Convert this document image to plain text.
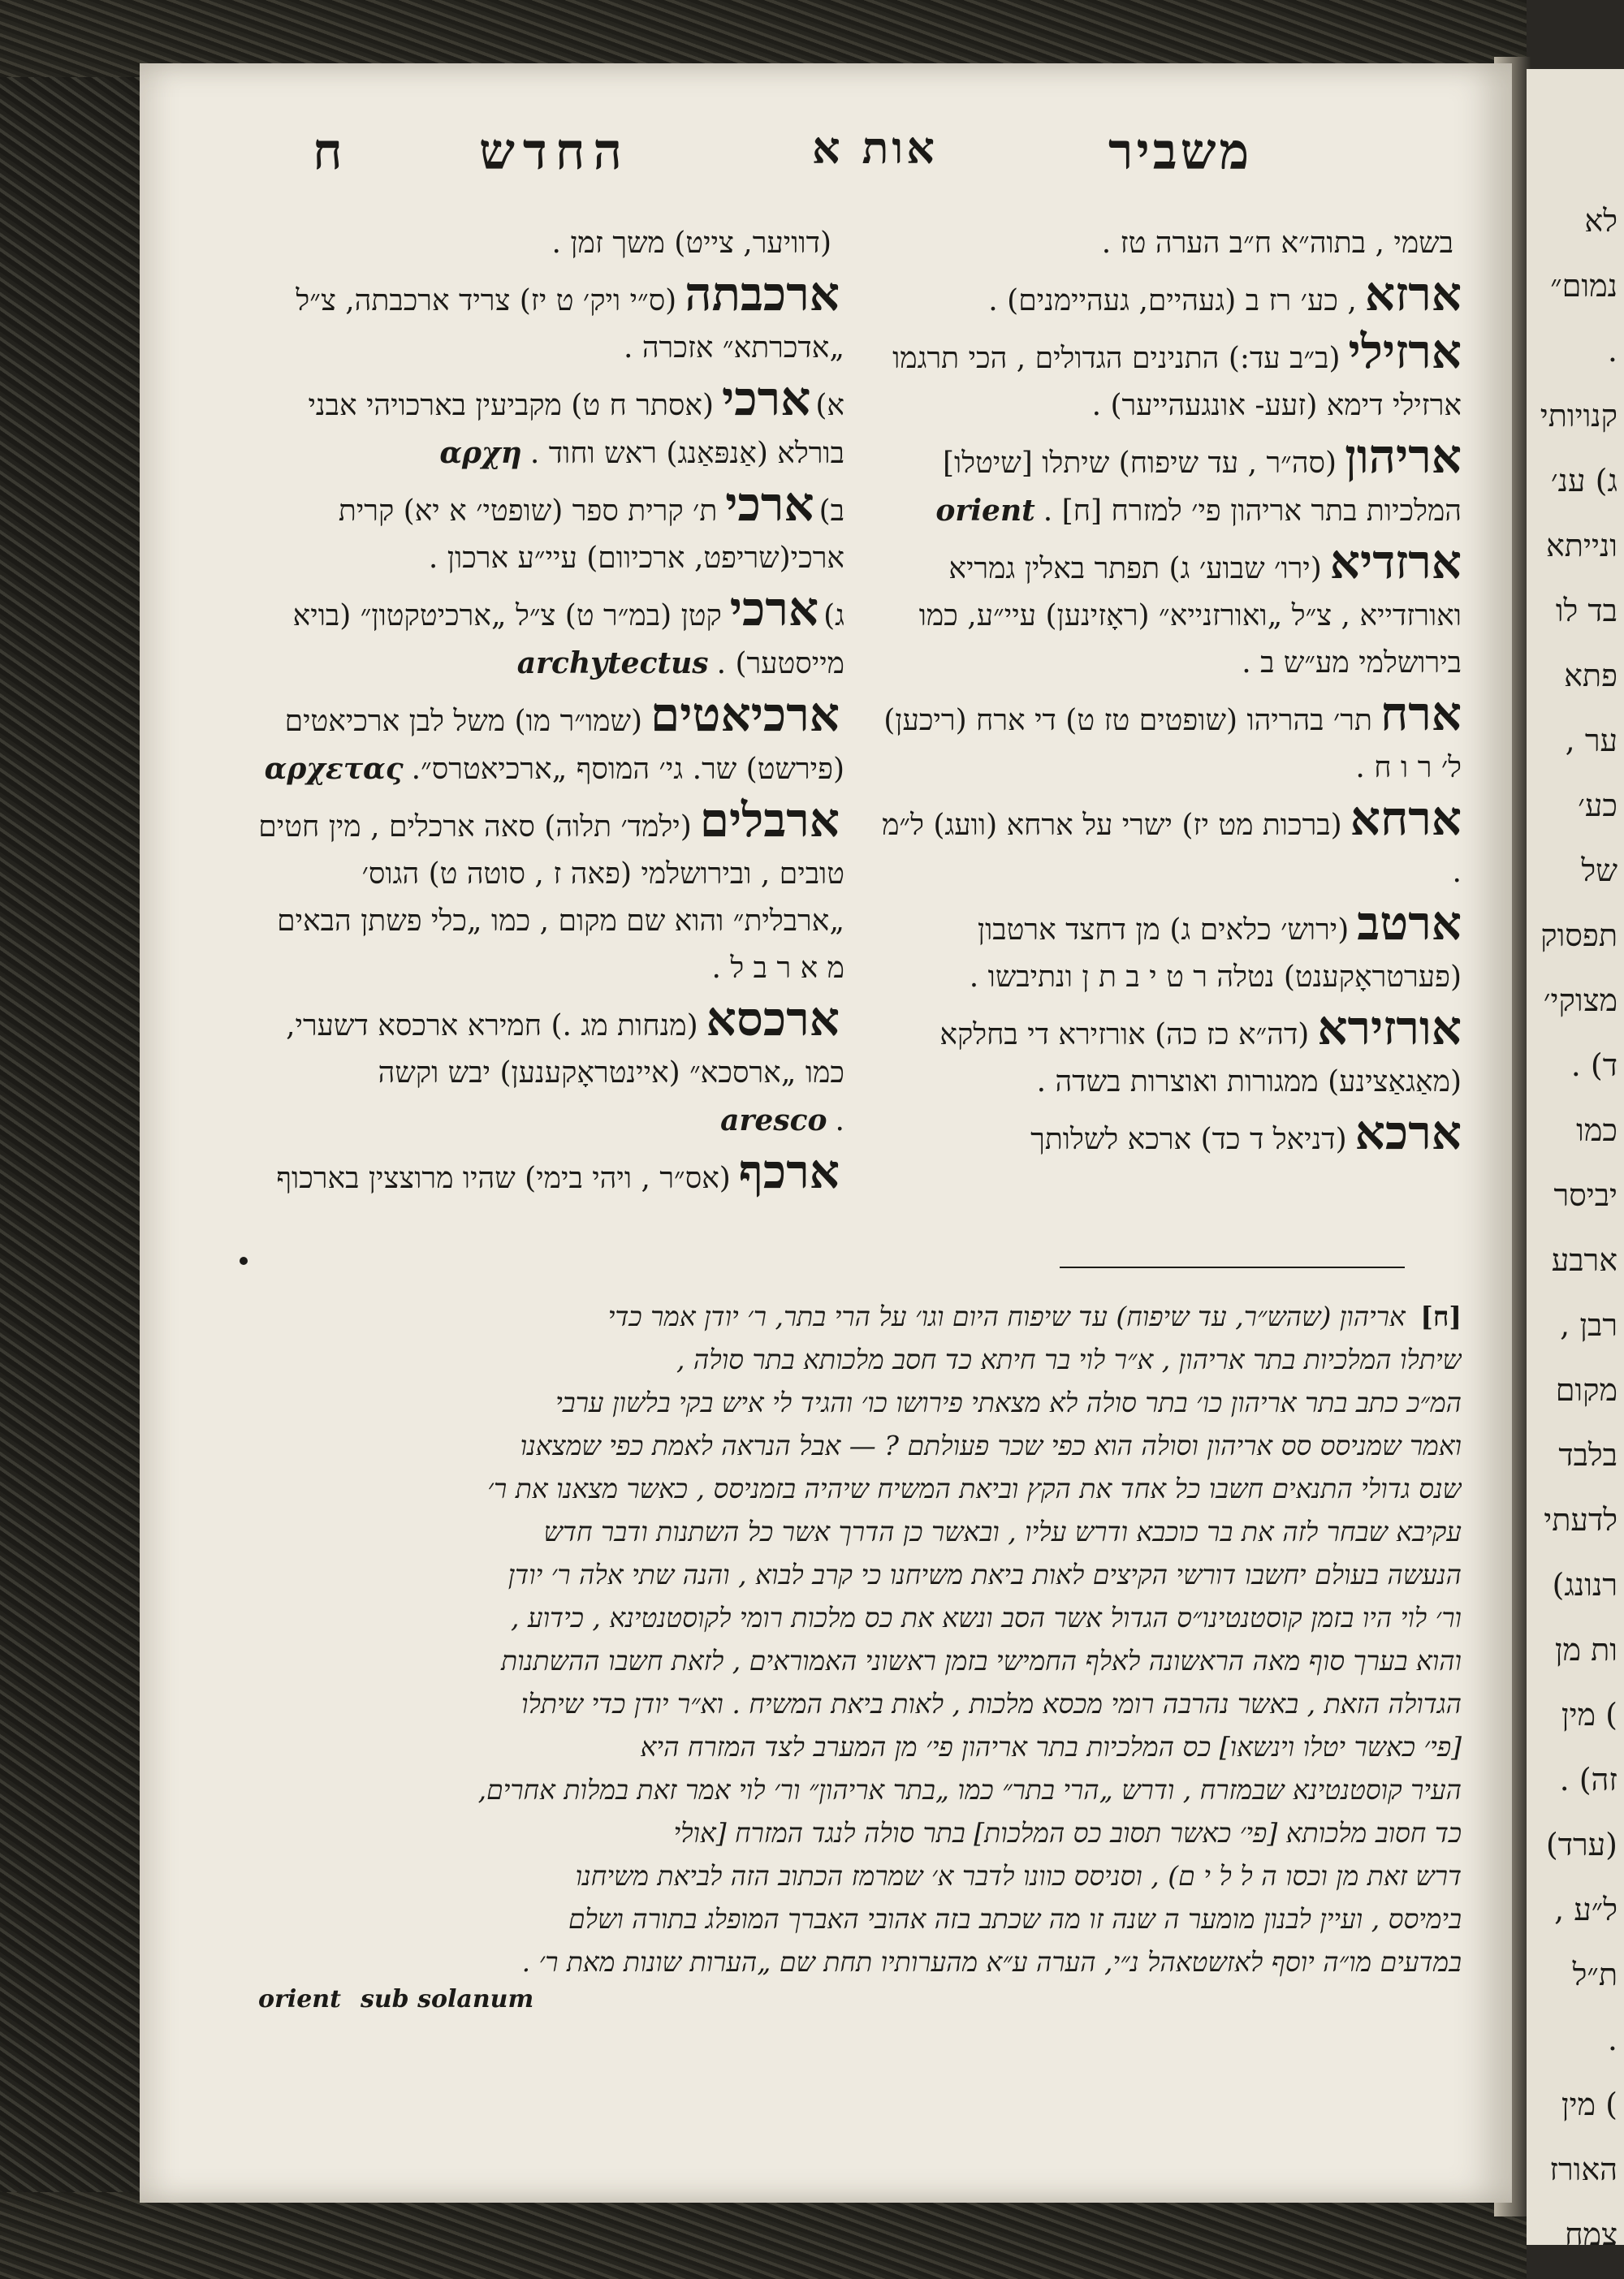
לא
נמום״
.
קנויותי
ג) ענ׳
ונייתא
בד לו
פתא
ער ,
כע׳
של
תפסוק
מצוקי׳
ד) .
כמו
יביסר
ארבע
רבן ,
מקום
בלבד
לדעתי
רנונג)
ות מן
) מין
זה) .
(ערד)
ל״ע ,
ת״ל
.
) מין
האורז
צמח
משביר
אות א
החדש
ח
בשמי , בתוה״א ח״ב הערה טז .
ארזא, כע׳ רז ב (געהיים, געהיימנים) .
ארזילי(ב״ב עד:) התנינים הגדולים , הכי תרגמו ארזילי דימא (זעע- אונגעהייער) .
אריהון(סה״ר , עד שיפוח) שיתלו [שיטלו] המלכיות בתר אריהון פי׳ למזרח [ח] .orient
ארזדיא(ירו׳ שבוע׳ ג) תפתר באלין גמריא ואורזדייא , צ״ל „ואורזנייא״ (ראָזינען) עיי״ע, כמו בירושלמי מע״ש ב .
ארחתר׳ בהריהו (שופטים טז ט) די ארח (ריכען) ל׳ ר ו ח .
ארחא(ברכות מט יז) ישרי על ארחא (וועג) ל״מ .
ארטב(ירוש׳ כלאים ג) מן דחצד ארטבון (פערטראָקענט) נטלה ר ט י ב ת ן ונתיבשו .
אורזירא(דה״א כז כה) אורזירא די בחלקא (מאַגאַצינע) ממגורות ואוצרות בשדה .
ארכא(דניאל ד כד) ארכא לשלותך
(דוויער, צייט) משך זמן .
ארכבתה(ס״י ויק׳ ט יז) צריד ארכבתה, צ״ל „אדכרתא״ אזכרה .
א)ארכי(אסתר ח ט) מקביעין בארכויהי אבני בורלא (אַנפּאַנג) ראש וחוד .αρχη
ב)ארכית׳ קרית ספר (שופטי׳ א יא) קרית ארכי(שריפט, ארכיוום) עיי״ע ארכון .
ג)ארכיקטן (במ״ר ט) צ״ל „ארכיטקטון״ (בויא מייסטער) .archytectus
ארכיאטים(שמו״ר מו) משל לבן ארכיאטים (פירשט) שר. גי׳ המוסף „ארכיאטרס״.αρχετας
ארבלים(ילמד׳ תלוה) סאה ארכלים , מין חטים טובים , ובירושלמי (פאה ז , סוטה ט) הגוס׳ „ארבלית״ והוא שם מקום , כמו „כלי פשתן הבאים מ א ר ב ל .
ארכסא(מנחות מג .) חמירא ארכסא דשערי, כמו „ארסכא״ (איינטראָקענען) יבש וקשה .aresco
ארכף(אס״ר , ויהי בימי) שהיו מרוצצין בארכוף
[ח] אריהון (שהש״ר, עד שיפוח) עד שיפוח היום וגו׳ על הרי בתר, ר׳ יודן אמר כדי
שיתלו המלכיות בתר אריהון , א״ר לוי בר חיתא כד חסב מלכותא בתר סולה ,
המ״כ כתב בתר אריהון כו׳ בתר סולה לא מצאתי פירושו כו׳ והגיד לי איש בקי בלשון ערבי
ואמר שמניסס סס אריהון וסולה הוא כפי שכר פעולתם ? — אבל הנראה לאמת כפי שמצאנו
שנס גדולי התנאים חשבו כל אחד את הקץ וביאת המשיח שיהיה בזמניסס , כאשר מצאנו את ר׳
עקיבא שבחר לזה את בר כוכבא ודרש עליו , ובאשר כן הדרך אשר כל השתנות ודבר חדש
הנעשה בעולם יחשבו דורשי הקיצים לאות ביאת משיחנו כי קרב לבוא , והנה שתי אלה ר׳ יודן
ור׳ לוי היו בזמן קוסטנטינו״ס הגדול אשר הסב ונשא את כס מלכות רומי לקוסטנטינא , כידוע ,
והוא בערך סוף מאה הראשונה לאלף החמישי בזמן ראשוני האמוראים , לזאת חשבו ההשתנות
הגדולה הזאת , באשר נהרבה רומי מכסא מלכות , לאות ביאת המשיח . וא״ר יודן כדי שיתלו
[פי׳ כאשר יטלו וינשאו] כס המלכיות בתר אריהון פי׳ מן המערב לצד המזרח היא
העיר קוסטנטינא שבמזרח , ודרש „הרי בתר״ כמו „בתר אריהון״ ור׳ לוי אמר זאת במלות אחרים,
כד חסוב מלכותא [פי׳ כאשר תסוב כס המלכות] בתר סולה לנגד המזרח [אולי
דרש זאת מן וכסו ה ל ל י ם) , וסניסס כוונו לדבר א׳ שמרמז הכתוב הזה לביאת משיחנו
בימיסס , ועיין לבנון מומער ה שנה זו מה שכתב בזה אהובי האברך המופלג בתורה ושלם
במדעים מו״ה יוסף לאזשטאהל נ״י, הערה ע״א מהערותיו תחת שם „הערות שונות מאת ר׳ .
orient sub solanum
